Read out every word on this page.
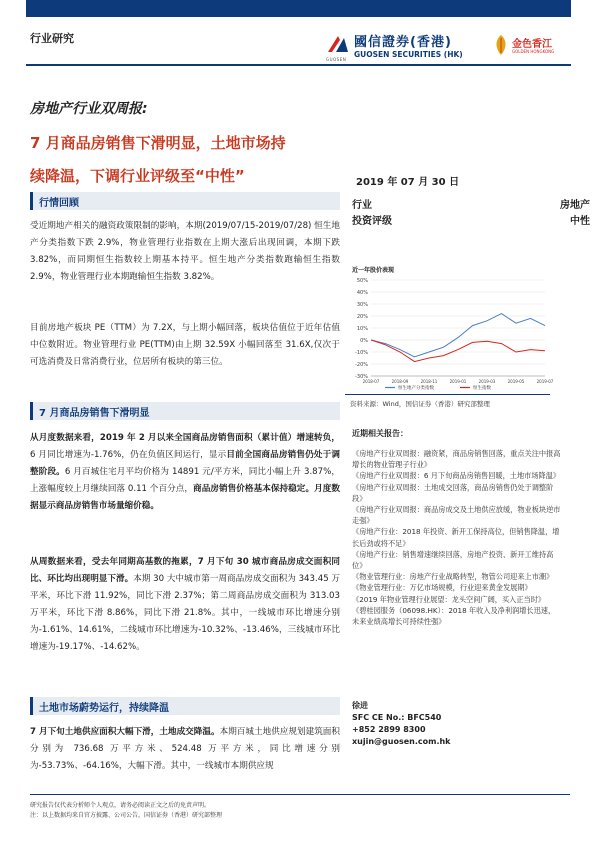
行业研究
GUOSEN
國信證券(香港)
GUOSEN SECURITIES (HK)
金色香江
GOLDEN HONGKONG
房地产行业双周报:
7 月商品房销售下滑明显，土地市场持
续降温，下调行业评级至“中性”	2019 年 07 月 30 日
行业	房地产
投资评级	中性
行情回顾
受近期地产相关的融资政策限制的影响，本期(2019/07/15-2019/07/28) 恒生地产分类指数下跌 2.9%，物业管理行业指数在上期大涨后出现回调，本期下跌 3.82%，而同期恒生指数较上期基本持平。恒生地产分类指数跑输恒生指数 2.9%，物业管理行业本期跑输恒生指数 3.82%。
目前房地产板块 PE（TTM）为 7.2X，与上期小幅回落，板块估值位于近年估值中位数附近。物业管理行业 PE(TTM)由上期 32.59X 小幅回落至 31.6X,仅次于可选消费及日常消费行业，位居所有板块的第三位。
7 月商品房销售下滑明显
从月度数据来看，2019 年 2 月以来全国商品房销售面积（累计值）增速转负，6 月同比增速为-1.76%，仍在负值区间运行，显示目前全国商品房销售仍处于调整阶段。6 月百城住宅月平均价格为 14891 元/平方米，同比小幅上升 3.87%，上涨幅度较上月继续回落 0.11 个百分点，商品房销售价格基本保持稳定。月度数据显示商品房销售市场量缩价稳。
从周数据来看，受去年同期高基数的拖累，7 月下旬 30 城市商品房成交面积同比、环比均出现明显下滑。本期 30 大中城市第一周商品房成交面积为 343.45 万平米，环比下滑 11.92%，同比下滑 2.37%；第二周商品房成交面积为 313.03 万平米，环比下滑 8.86%，同比下滑 21.8%。其中，一线城市环比增速分别为-1.61%、14.61%，二线城市环比增速为-10.32%、-13.46%，三线城市环比增速为-19.17%、-14.62%。
土地市场蔚势运行，持续降温
7 月下旬土地供应面积大幅下滑，土地成交降温。本期百城土地供应规划建筑面积分别为 736.68 万平方米、524.48 万平方米，同比增速分别为-53.73%、-64.16%，大幅下滑。其中，一线城市本期供应规
近一年股价表现
-30%
-20%
-10%
0%
10%
20%
30%
40%
50%
2018-07	2018-09	2018-11	2019-01	2019-03	2019-05	2019-07
恒生地产分类指数	恒生指数
资料来源：Wind，国信证券（香港）研究部整理
近期相关报告：
《房地产行业双周报：融资紧，商品房销售回落，重点关注中报高增长的物业管理子行业》
《房地产行业双周报：6 月下旬商品房销售回暖，土地市场降温》
《房地产行业双周报：土地成交回落，商品房销售仍处于调整阶段》
《房地产行业双周报：商品房成交及土地供应放缓，物业板块逆市走强》
《房地产行业：2018 年投资、新开工保持高位，但销售降温，增长后劲或将不足》
《房地产行业：销售增速继续回落，房地产投资、新开工维持高位》
《物业管理行业：房地产行业战略转型，物管公司迎来上市潮》
《物业管理行业：万亿市场规模，行业迎来黄金发展期》
《2019 年物业管理行业展望：龙头空间广阔，买入正当时》
《碧桂园服务（06098.HK）：2018 年收入及净利润增长迅速，未来业绩高增长可持续性强》
徐进
SFC CE No.: BFC540
+852 2899 8300
xujin@guosen.com.hk
研究报告仅代表分析师个人观点，请务必阅读正文之后的免责声明。
注：以上数据均来自官方披露、公司公告，国信证券（香港）研究部整理
